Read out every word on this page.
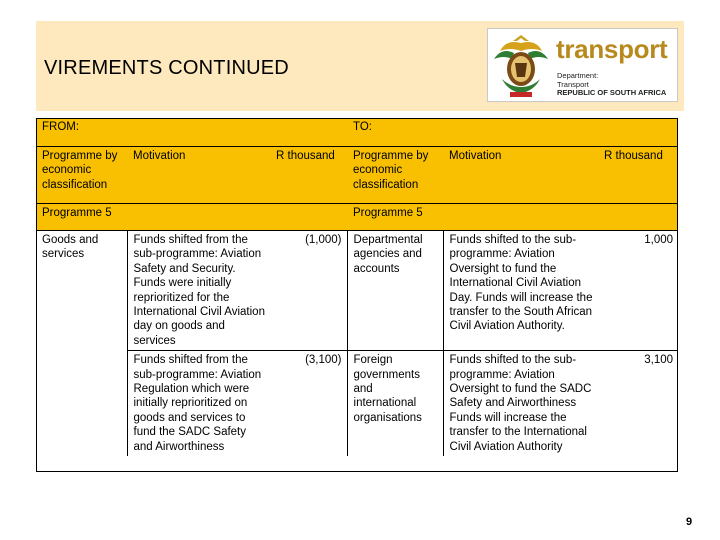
VIREMENTS CONTINUED
transport
Department:
Transport
REPUBLIC OF SOUTH AFRICA
FROM:			TO:		
Programme by economic classification	Motivation	R thousand	Programme by economic classification	Motivation	R thousand
Programme 5			Programme 5		
Goods and services	Funds shifted from the sub-programme: Aviation Safety and Security. Funds were initially reprioritized for the International Civil Aviation day on goods and services	(1,000)	Departmental agencies and accounts	Funds shifted to the sub-programme: Aviation Oversight to fund the International Civil Aviation Day. Funds will increase the transfer to the South African Civil Aviation Authority.	1,000
	Funds shifted from the sub-programme: Aviation Regulation which were initially reprioritized on goods and services to fund the SADC Safety and Airworthiness	(3,100)	Foreign governments and international organisations	Funds shifted to the sub-programme: Aviation Oversight to fund the SADC Safety and Airworthiness Funds will increase the transfer to the International Civil Aviation Authority	3,100
9
